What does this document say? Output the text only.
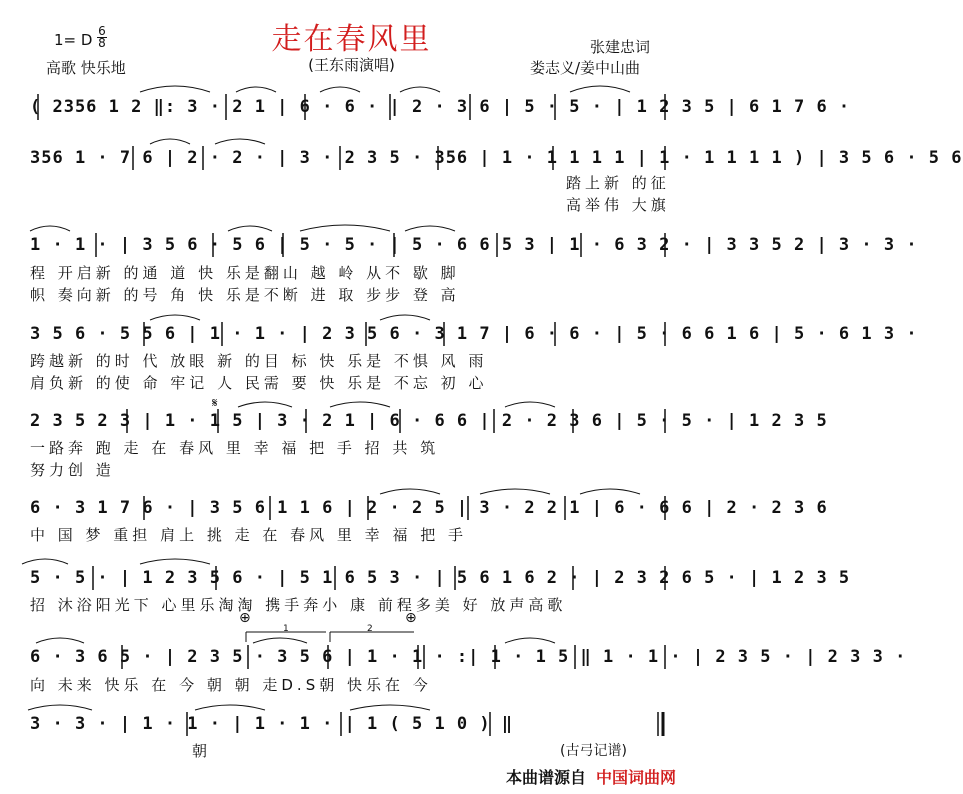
走在春风里
(王东雨演唱)
1= D 6
8
高歌 快乐地
张建忠词
娄志义/姜中山曲
( 2356 1 2 ‖: 3 · 2 1 | 6 · 6 · | 2 · 3 6 | 5 · 5 · | 1 2 3 5 | 6 1 7 6 ·
356 1 · 7 6 | 2 · 2 · | 3 · 2 3 5 · 356 | 1 · 1 1 1 1 | 1 · 1 1 1 1 ) | 3 5 6 · 5 6
踏上新 的征
高举伟 大旗
1 · 1 · | 3 5 6 · 5 6 | 5 · 5 · | 5 · 6 6 5 3 | 1 · 6 3 2 · | 3 3 5 2 | 3 · 3 ·
程 开启新 的通 道 快 乐是翻山 越 岭 从不 歇 脚
帜 奏向新 的号 角 快 乐是不断 进 取 步步 登 高
3 5 6 · 5 5 6 | 1 · 1 · | 2 3 5 6 · 3 1 7 | 6 · 6 · | 5 · 6 6 1 6 | 5 · 6 1 3 ·
跨越新 的时 代 放眼 新 的目 标 快 乐是 不惧 风 雨
肩负新 的使 命 牢记 人 民需 要 快 乐是 不忘 初 心
𝄋
2 3 5 2 3 | 1 · 1 5 | 3 · 2 1 | 6 · 6 6 | 2 · 2 3 6 | 5 · 5 · | 1 2 3 5
一路奔 跑 走 在 春风 里 幸 福 把 手 招 共 筑
努力创 造
6 · 3 1 7 6 · | 3 5 6 1 1 6 | 2 · 2 5 | 3 · 2 2 1 | 6 · 6 6 | 2 · 2 3 6
中 国 梦 重担 肩上 挑 走 在 春风 里 幸 福 把 手
5 · 5 · | 1 2 3 5 6 · | 5 1 6 5 3 · | 5 6 1 6 2 · | 2 3 2 6 5 · | 1 2 3 5
招 沐浴阳光下 心里乐淘淘 携手奔小 康 前程多美 好 放声高歌
⊕	⊕
1	2
6 · 3 6 5 · | 2 3 5 · 3 5 6 | 1 · 1 · :| 1 · 1 5 ‖ 1 · 1 · | 2 3 5 · | 2 3 3 ·
向 未来 快乐 在 今 朝 朝 走D.S朝 快乐在 今
3 · 3 · | 1 · 1 · | 1 · 1 · | 1 ( 5 1 0 ) ‖
朝	(古弓记谱)
本曲谱源自 中国词曲网
